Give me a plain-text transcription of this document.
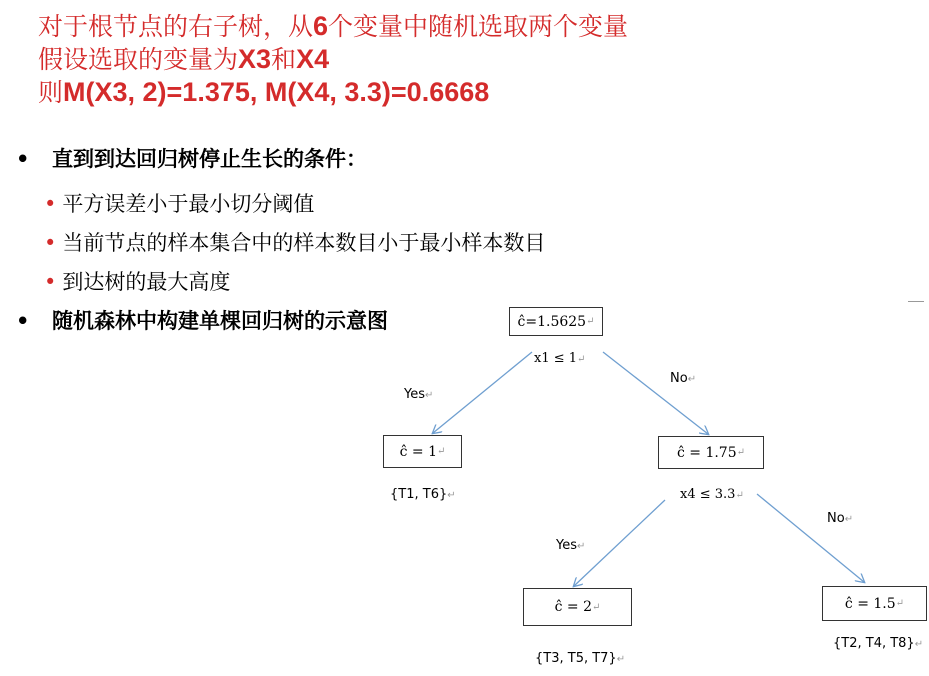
对于根节点的右子树，从6个变量中随机选取两个变量
假设选取的变量为X3和X4
则M(X3, 2)=1.375, M(X4, 3.3)=0.6668
• 直到到达回归树停止生长的条件：
• 平方误差小于最小切分阈值
• 当前节点的样本集合中的样本数目小于最小样本数目
• 到达树的最大高度
• 随机森林中构建单棵回归树的示意图	ĉ=1.5625 ↵
x1 ≤ 1↵
Yes↵
No↵
ĉ = 1 ↵
{T1, T6}↵
ĉ = 1.75 ↵
x4 ≤ 3.3↵
Yes↵
No↵
ĉ = 2 ↵
{T3, T5, T7}↵
ĉ = 1.5 ↵
{T2, T4, T8}↵
